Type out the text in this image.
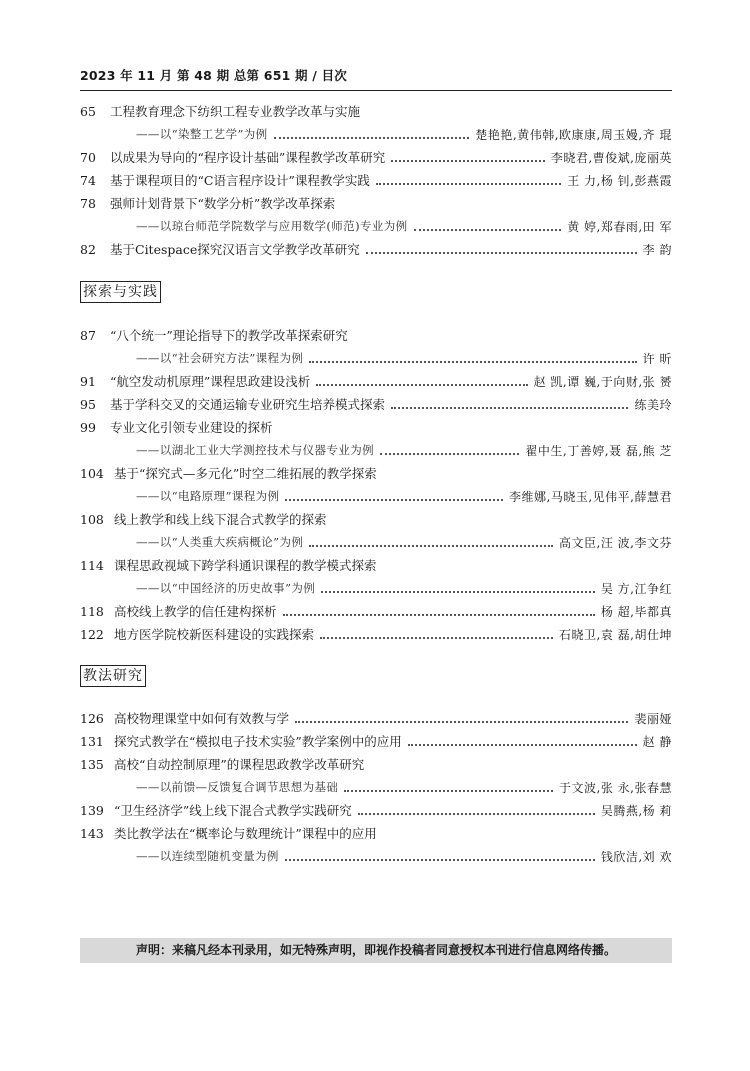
2023 年 11 月 第 48 期 总第 651 期 / 目次
65	工程教育理念下纺织工程专业教学改革与实施
——以“染整工艺学”为例	楚艳艳,黄伟韩,欧康康,周玉嫚,齐 琨
70	以成果为导向的“程序设计基础”课程教学改革研究	李晓君,曹俊斌,庞丽英
74	基于课程项目的“C语言程序设计”课程教学实践	王 力,杨 钊,彭燕霞
78	强师计划背景下“数学分析”教学改革探索
——以琼台师范学院数学与应用数学(师范)专业为例	黄 婷,郑春雨,田 军
82	基于Citespace探究汉语言文学教学改革研究	李 韵
探索与实践
87	“八个统一”理论指导下的教学改革探索研究
——以“社会研究方法”课程为例	许 昕
91	“航空发动机原理”课程思政建设浅析	赵 凯,谭 巍,于向财,张 赟
95	基于学科交叉的交通运输专业研究生培养模式探索	练美玲
99	专业文化引领专业建设的探析
——以湖北工业大学测控技术与仪器专业为例	翟中生,丁善婷,聂 磊,熊 芝
104 基于“探究式—多元化”时空二维拓展的教学探索
——以“电路原理”课程为例	李维娜,马晓玉,见伟平,薛慧君
108 线上教学和线上线下混合式教学的探索
——以“人类重大疾病概论”为例	高文臣,汪 波,李文芬
114 课程思政视域下跨学科通识课程的教学模式探索
——以“中国经济的历史故事”为例	吴 方,江争红
118 高校线上教学的信任建构探析	杨 超,毕都真
122 地方医学院校新医科建设的实践探索	石晓卫,袁 磊,胡仕坤
教法研究
126 高校物理课堂中如何有效教与学	裴丽娅
131 探究式教学在“模拟电子技术实验”教学案例中的应用	赵 静
135 高校“自动控制原理”的课程思政教学改革研究
——以前馈—反馈复合调节思想为基础	于文波,张 永,张春慧
139 “卫生经济学”线上线下混合式教学实践研究	吴腾燕,杨 莉
143 类比教学法在“概率论与数理统计”课程中的应用
——以连续型随机变量为例	钱欣洁,刘 欢
声明：来稿凡经本刊录用，如无特殊声明，即视作投稿者同意授权本刊进行信息网络传播。
